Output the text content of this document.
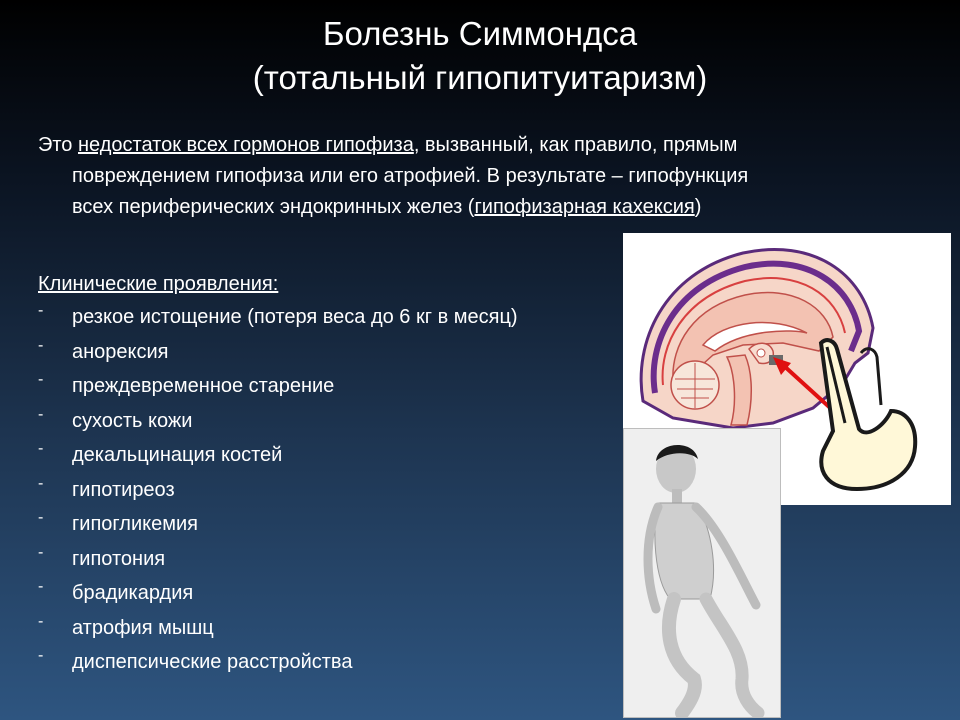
Болезнь Симмондса
(тотальный гипопитуитаризм)
Это недостаток всех гормонов гипофиза, вызванный, как правило, прямым
повреждением гипофиза или его атрофией. В результате – гипофункция
всех периферических эндокринных желез (гипофизарная кахексия)
Клинические проявления:
- резкое истощение (потеря веса до 6 кг в месяц)
- анорексия
- преждевременное старение
- сухость кожи
- декальцинация костей
- гипотиреоз
- гипогликемия
- гипотония
- брадикардия
- атрофия мышц
- диспепсические расстройства
